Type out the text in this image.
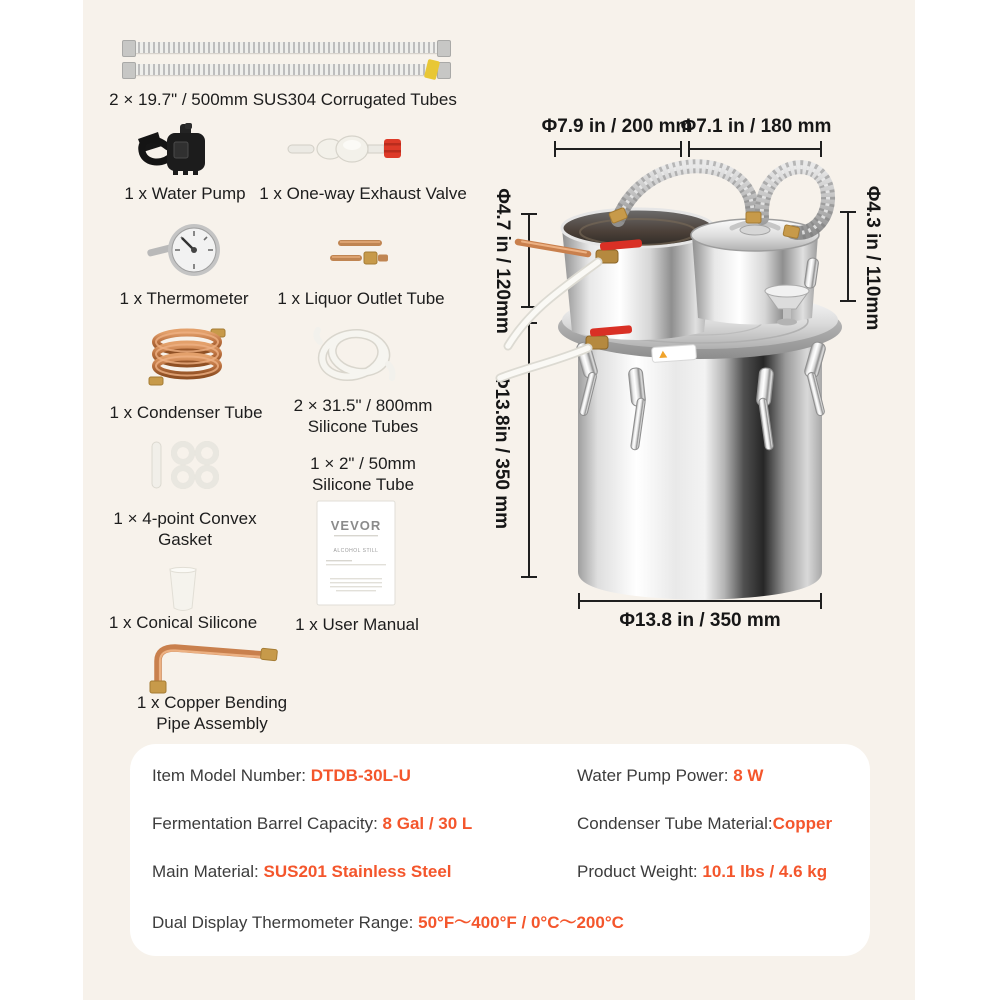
2 × 19.7" / 500mm SUS304 Corrugated Tubes
1 x Water Pump 1 x One-way Exhaust Valve
1 x Thermometer	1 x Liquor Outlet Tube
1 x Condenser Tube	2 × 31.5" / 800mm Silicone Tubes
1 × 2" / 50mm Silicone Tube
1 × 4-point Convex Gasket
VEVOR
ALCOHOL STILL
1 x Conical Silicone	1 x User Manual
1 x Copper Bending Pipe Assembly
Φ7.9 in / 200 mm
Φ7.1 in / 180 mm
Φ4.7 in / 120mm
Φ13.8in / 350 mm
Φ4.3 in / 110mm
Φ13.8 in / 350 mm
Item Model Number: DTDB-30L-U	Water Pump Power: 8 W
Fermentation Barrel Capacity: 8 Gal / 30 L	Condenser Tube Material:Copper
Main Material: SUS201 Stainless Steel	Product Weight: 10.1 lbs / 4.6 kg
Dual Display Thermometer Range: 50°F～400°F / 0°C～200°C
